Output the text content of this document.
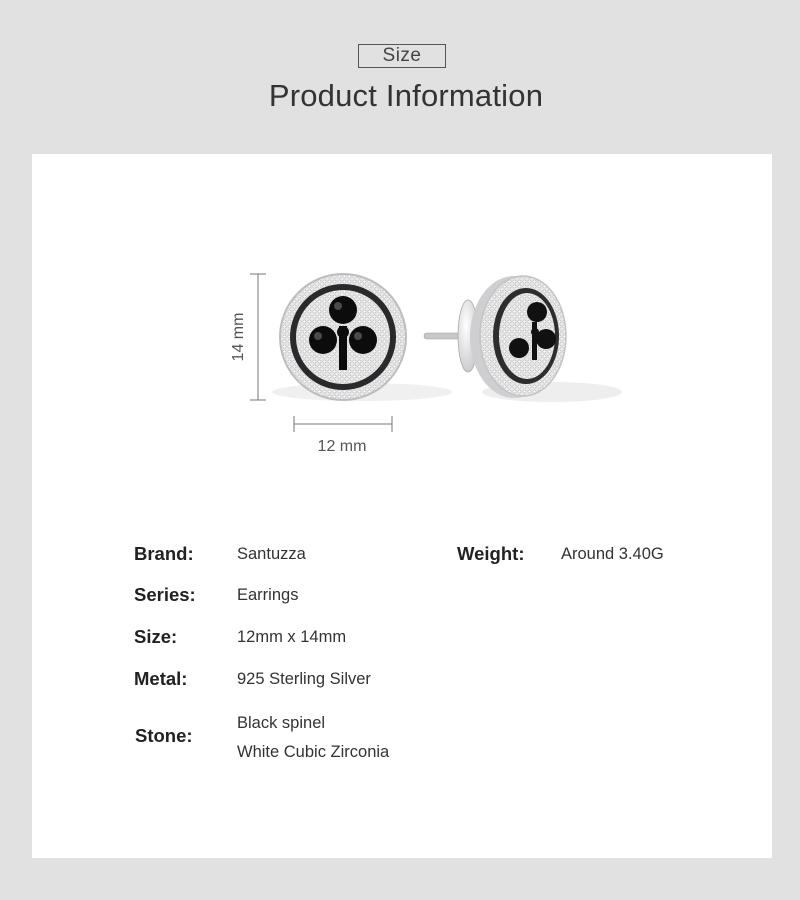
Size
Product Information
14 mm
12 mm
Brand:	Santuzza	Weight: Around 3.40G
Series:	Earrings
Size:	12mm x 14mm
Metal:	925 Sterling Silver
Stone:
Black spinel
White Cubic Zirconia
